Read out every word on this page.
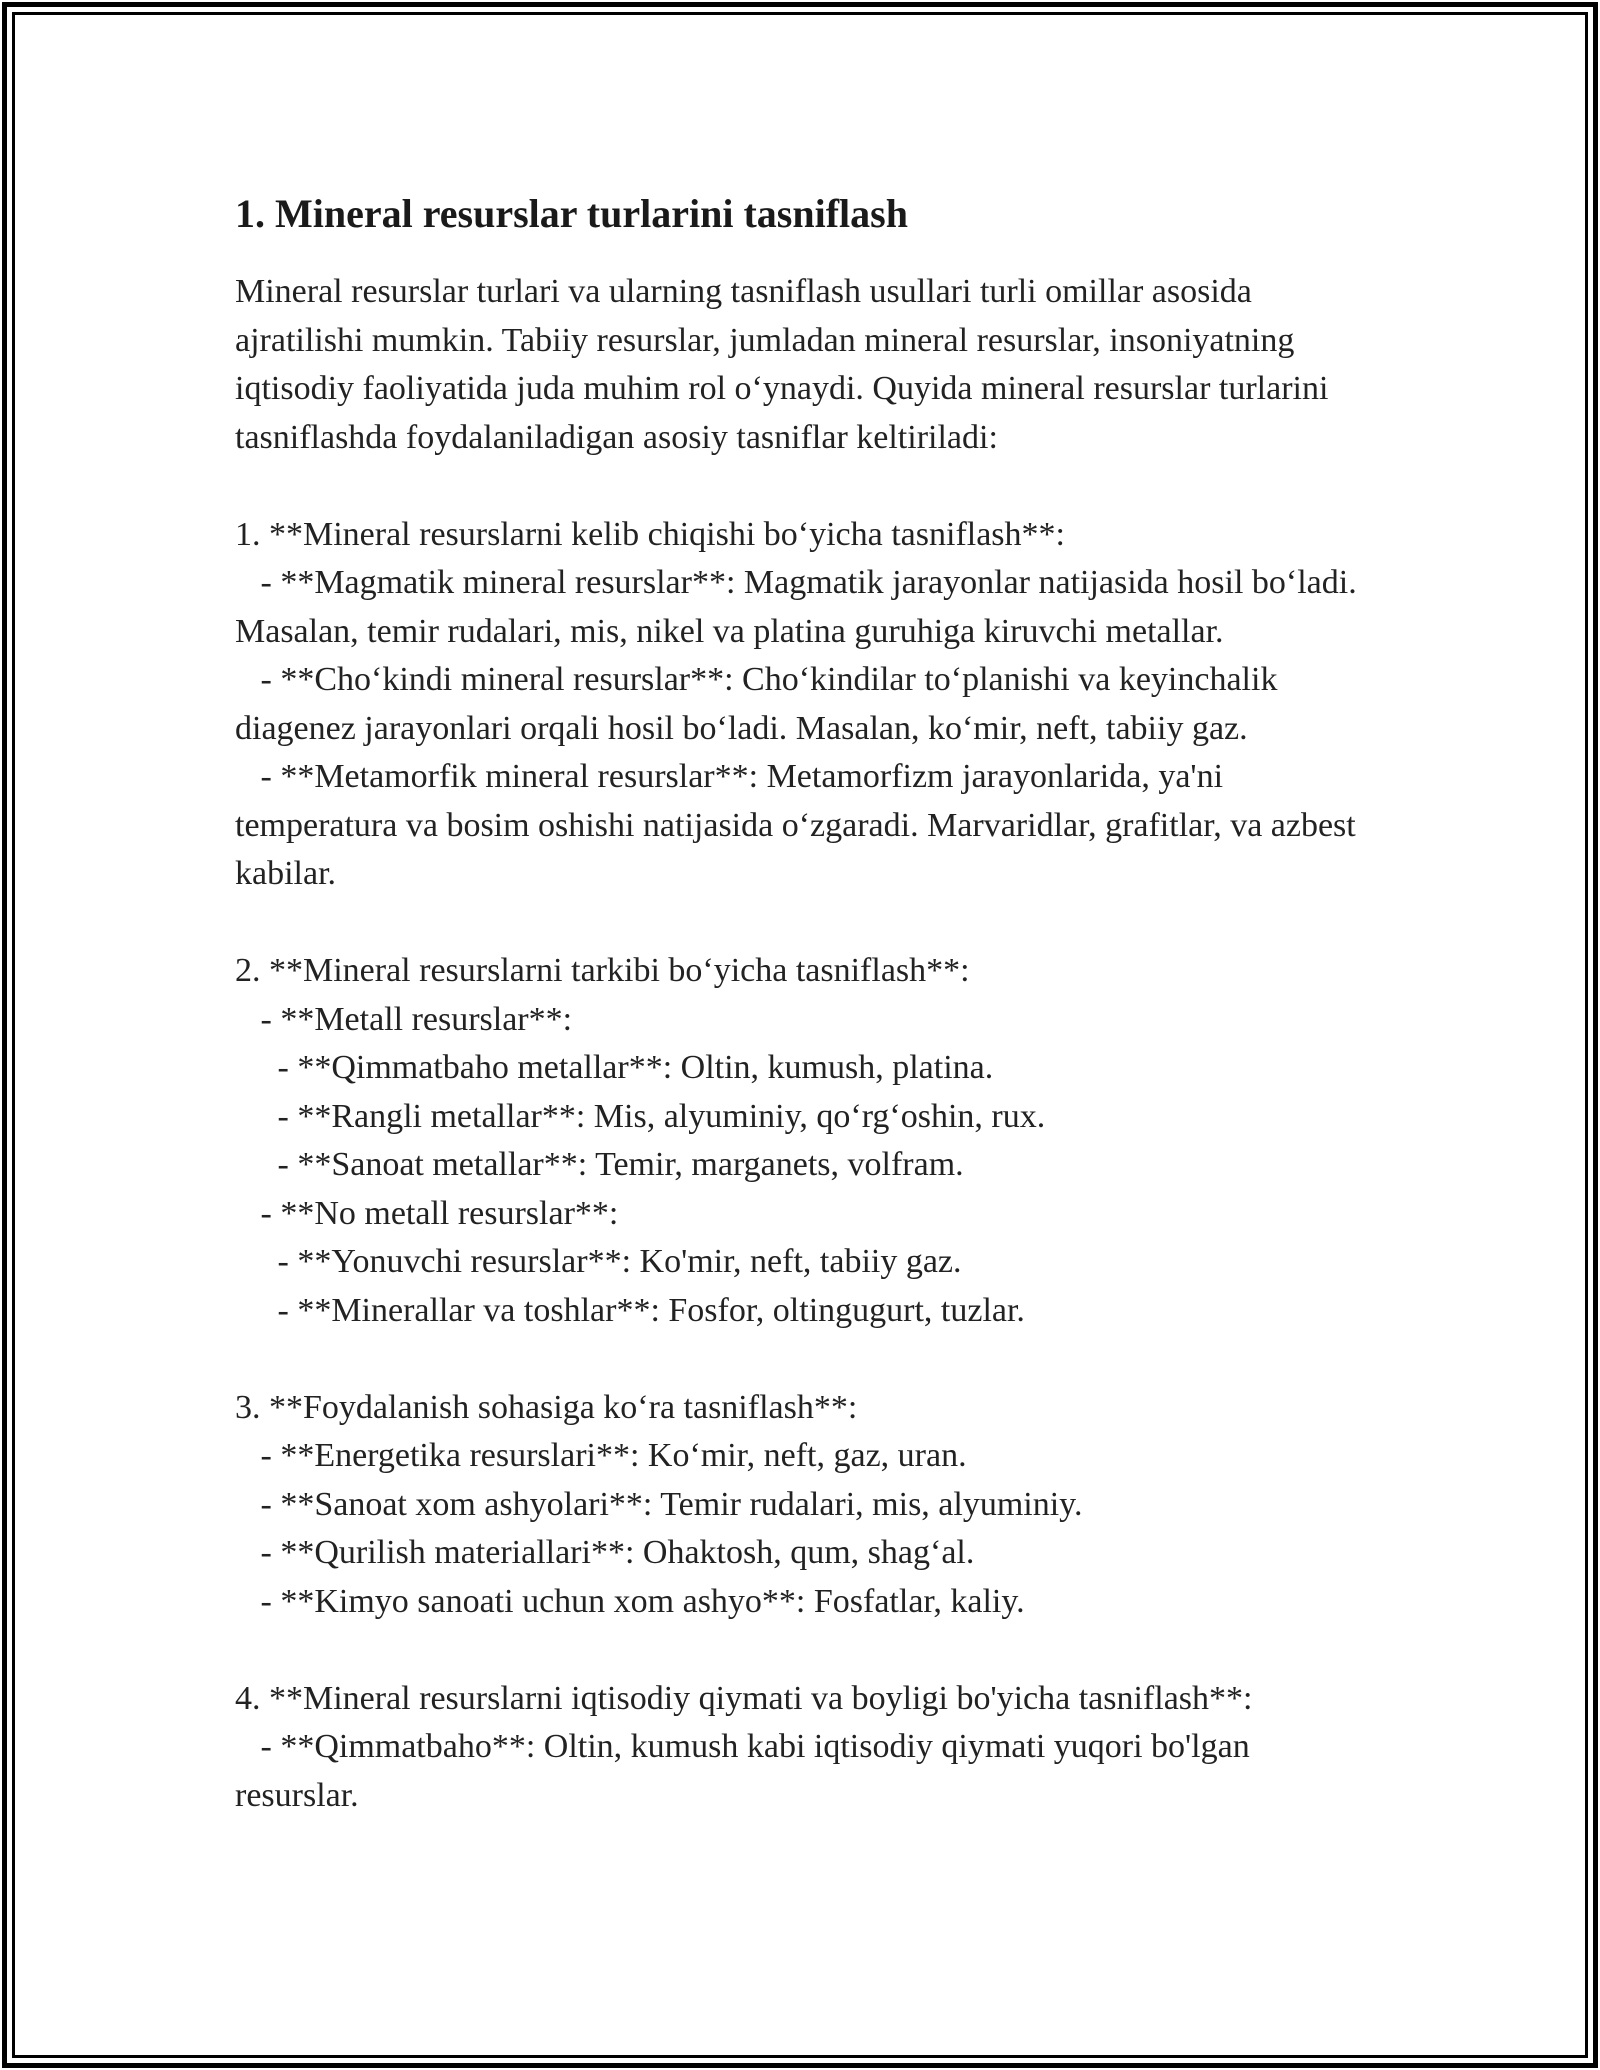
1. Mineral resurslar turlarini tasniflash

Mineral resurslar turlari va ularning tasniflash usullari turli omillar asosida ajratilishi mumkin. Tabiiy resurslar, jumladan mineral resurslar, insoniyatning iqtisodiy faoliyatida juda muhim rol o‘ynaydi. Quyida mineral resurslar turlarini tasniflashda foydalaniladigan asosiy tasniflar keltiriladi:

1. **Mineral resurslarni kelib chiqishi bo‘yicha tasniflash**:
- **Magmatik mineral resurslar**: Magmatik jarayonlar natijasida hosil bo‘ladi. Masalan, temir rudalari, mis, nikel va platina guruhiga kiruvchi metallar.
- **Cho‘kindi mineral resurslar**: Cho‘kindilar to‘planishi va keyinchalik diagenez jarayonlari orqali hosil bo‘ladi. Masalan, ko‘mir, neft, tabiiy gaz.
- **Metamorfik mineral resurslar**: Metamorfizm jarayonlarida, ya'ni temperatura va bosim oshishi natijasida o‘zgaradi. Marvaridlar, grafitlar, va azbest kabilar.

2. **Mineral resurslarni tarkibi bo‘yicha tasniflash**:
- **Metall resurslar**:
- **Qimmatbaho metallar**: Oltin, kumush, platina.
- **Rangli metallar**: Mis, alyuminiy, qo‘rg‘oshin, rux.
- **Sanoat metallar**: Temir, marganets, volfram.
- **No metall resurslar**:
- **Yonuvchi resurslar**: Ko'mir, neft, tabiiy gaz.
- **Minerallar va toshlar**: Fosfor, oltingugurt, tuzlar.

3. **Foydalanish sohasiga ko‘ra tasniflash**:
- **Energetika resurslari**: Ko‘mir, neft, gaz, uran.
- **Sanoat xom ashyolari**: Temir rudalari, mis, alyuminiy.
- **Qurilish materiallari**: Ohaktosh, qum, shag‘al.
- **Kimyo sanoati uchun xom ashyo**: Fosfatlar, kaliy.

4. **Mineral resurslarni iqtisodiy qiymati va boyligi bo'yicha tasniflash**:
- **Qimmatbaho**: Oltin, kumush kabi iqtisodiy qiymati yuqori bo'lgan resurslar.
